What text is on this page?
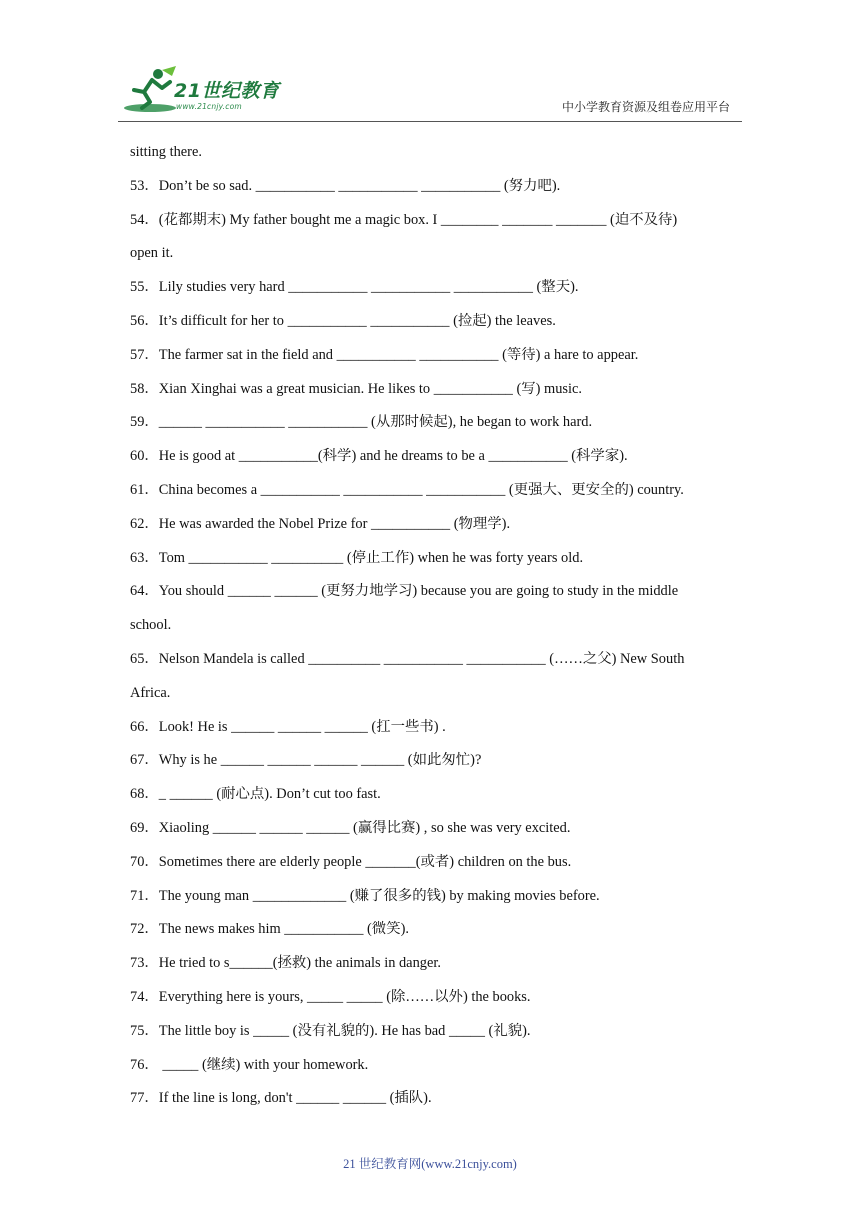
21世纪教育
www.21cnjy.com	中小学教育资源及组卷应用平台
sitting there.
53．Don’t be so sad. ___________ ___________ ___________ (努力吧).
54．(花都期末) My father bought me a magic box. I ________ _______ _______ (迫不及待)
open it.
55．Lily studies very hard ___________ ___________ ___________ (整天).
56．It’s difficult for her to ___________ ___________ (捡起) the leaves.
57．The farmer sat in the field and ___________ ___________ (等待) a hare to appear.
58．Xian Xinghai was a great musician. He likes to ___________ (写) music.
59．______ ___________ ___________ (从那时候起), he began to work hard.
60．He is good at ___________(科学) and he dreams to be a ___________ (科学家).
61．China becomes a ___________ ___________ ___________ (更强大、更安全的) country.
62．He was awarded the Nobel Prize for ___________ (物理学).
63．Tom ___________ __________ (停止工作) when he was forty years old.
64．You should ______ ______ (更努力地学习) because you are going to study in the middle
school.
65．Nelson Mandela is called __________ ___________ ___________ (……之父) New South
Africa.
66．Look! He is ______ ______ ______ (扛一些书) .
67．Why is he ______ ______ ______ ______ (如此匆忙)?
68．_ ______ (耐心点). Don’t cut too fast.
69．Xiaoling ______ ______ ______ (赢得比赛) , so she was very excited.
70．Sometimes there are elderly people _______(或者) children on the bus.
71．The young man _____________ (赚了很多的钱) by making movies before.
72．The news makes him ___________ (微笑).
73．He tried to s______(拯救) the animals in danger.
74．Everything here is yours, _____ _____ (除……以外) the books.
75．The little boy is _____ (没有礼貌的). He has bad _____ (礼貌).
76． _____ (继续) with your homework.
77．If the line is long, don't ______ ______ (插队).
21 世纪教育网(www.21cnjy.com)
